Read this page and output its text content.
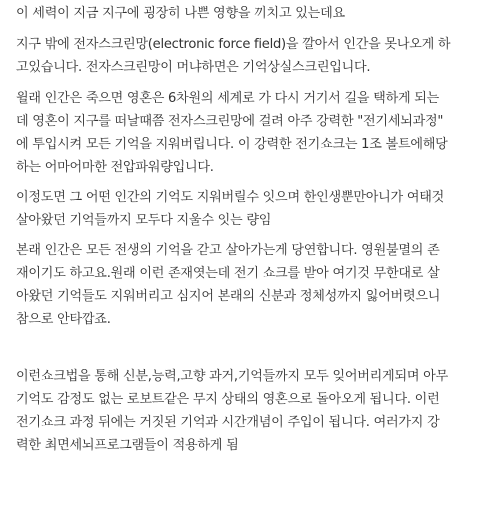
이 세력이 지금 지구에 굉장히 나쁜 영향을 끼치고 있는데요

지구 밖에 전자스크린망(electronic force field)을 깔아서 인간을 못나오게 하
고있습니다. 전자스크린망이 머냐하면은 기억상실스크린입니다.

윌래 인간은 죽으면 영혼은 6차원의 세계로 가 다시 거기서 길을 택하게 되는
데 영혼이 지구를 떠날때쯤 전자스크린망에 걸려 아주 강력한 "전기세뇌과정"
에 투입시켜 모든 기억을 지워버립니다. 이 강력한 전기쇼크는 1조 볼트에해당
하는 어마어마한 전압파워량입니다.

이정도면 그 어떤 인간의 기억도 지워버릴수 잇으며 한인생뿐만아니가 여태것
살아왔던 기억들까지 모두다 지울수 잇는 량임

본래 인간은 모든 전생의 기억을 갇고 살아가는게 당연합니다. 영원불멸의 존
재이기도 하고요.원래 이런 존재엿는데 전기 쇼크를 받아 여기것 무한대로 살
아왔던 기억들도 지워버리고 심지어 본래의 신분과 정체성까지 잃어버렷으니
참으로 안타깝죠.

이런쇼크법을 통해 신분,능력,고향 과거,기억들까지 모두 잊어버리게되며 아무
기억도 감정도 없는 로보트같은 무지 상태의 영혼으로 돌아오게 됩니다. 이런
전기쇼크 과정 뒤에는 거짓된 기억과 시간개념이 주입이 됩니다. 여러가지 강
력한 최면세뇌프로그램들이 적용하게 됨
